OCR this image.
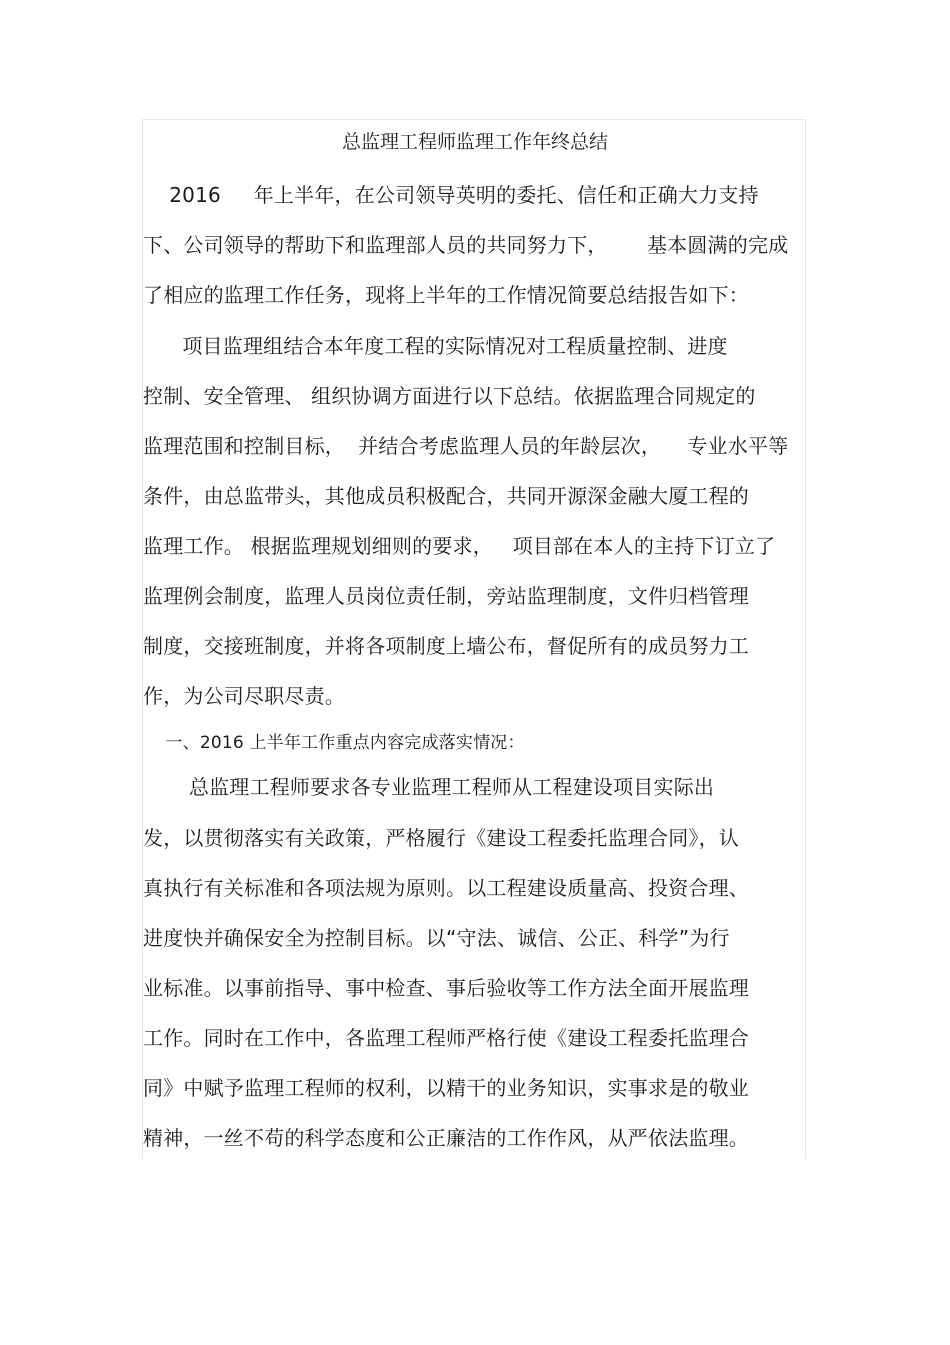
总监理工程师监理工作年终总结
2016     年上半年，在公司领导英明的委托、信任和正确大力支持
下、公司领导的帮助下和监理部人员的共同努力下，      基本圆满的完成
了相应的监理工作任务，现将上半年的工作情况简要总结报告如下：
项目监理组结合本年度工程的实际情况对工程质量控制、进度
控制、安全管理、 组织协调方面进行以下总结。依据监理合同规定的
监理范围和控制目标，  并结合考虑监理人员的年龄层次，    专业水平等
条件，由总监带头，其他成员积极配合，共同开源深金融大厦工程的
监理工作。 根据监理规划细则的要求，   项目部在本人的主持下订立了
监理例会制度，监理人员岗位责任制，旁站监理制度，文件归档管理
制度，交接班制度，并将各项制度上墙公布，督促所有的成员努力工
作，为公司尽职尽责。
一、2016 上半年工作重点内容完成落实情况：
总监理工程师要求各专业监理工程师从工程建设项目实际出
发，以贯彻落实有关政策，严格履行《建设工程委托监理合同》，认
真执行有关标准和各项法规为原则。以工程建设质量高、投资合理、
进度快并确保安全为控制目标。以“守法、诚信、公正、科学”为行
业标准。以事前指导、事中检查、事后验收等工作方法全面开展监理
工作。同时在工作中，各监理工程师严格行使《建设工程委托监理合
同》中赋予监理工程师的权利，以精干的业务知识，实事求是的敬业
精神，一丝不苟的科学态度和公正廉洁的工作作风，从严依法监理。
